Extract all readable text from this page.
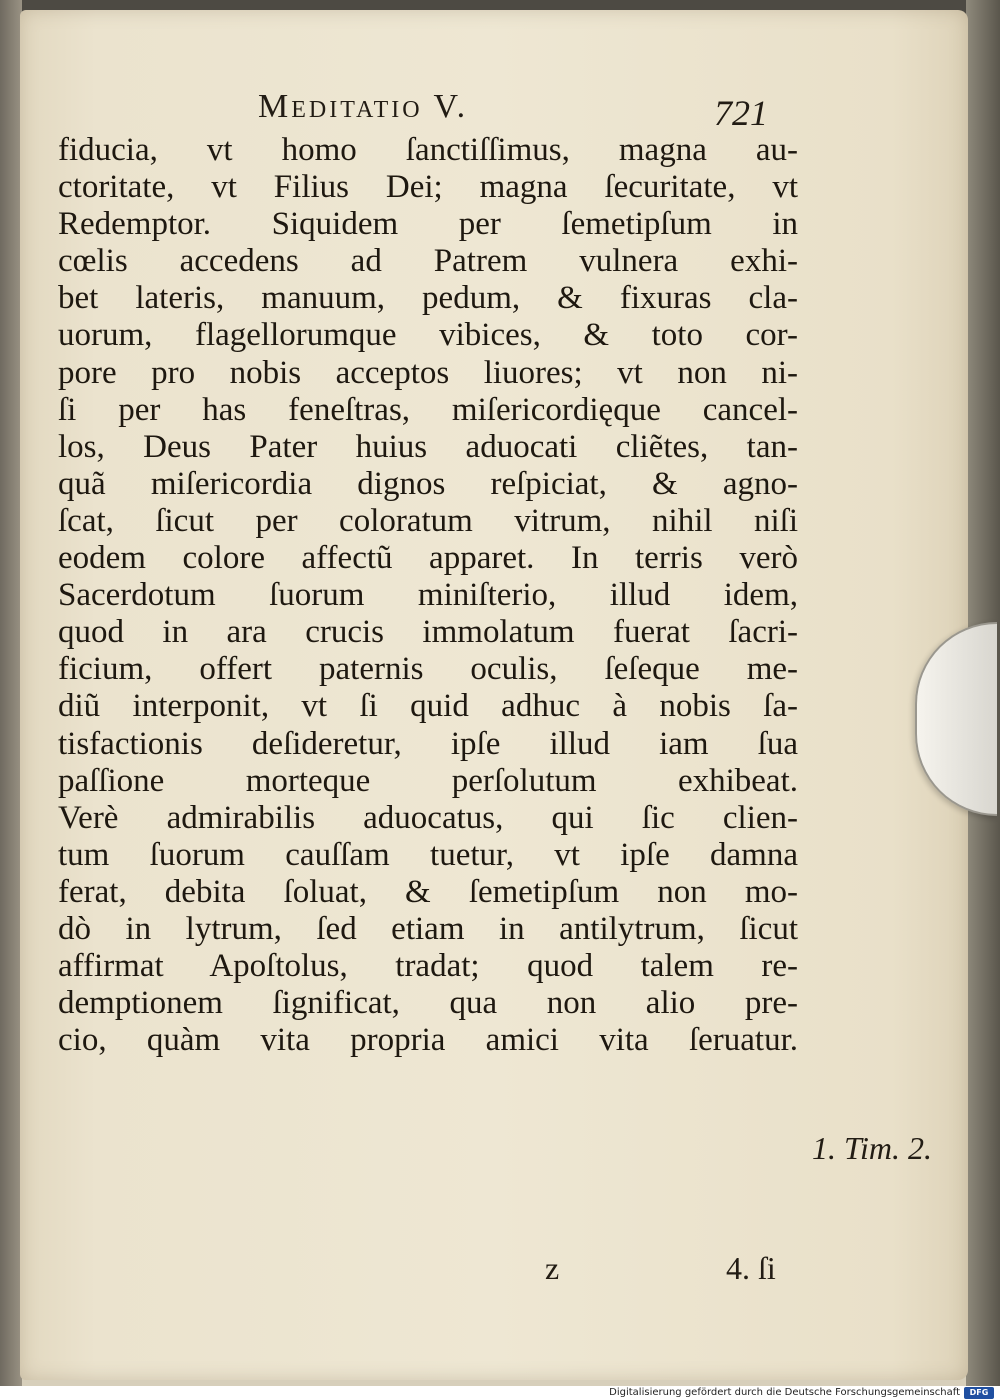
Meditatio V.	721
fiducia, vt homo ſanctiſſimus, magna au-
ctoritate, vt Filius Dei; magna ſecuritate, vt
Redemptor. Siquidem per ſemetipſum in
cœlis accedens ad Patrem vulnera exhi-
bet lateris, manuum, pedum, & fixuras cla-
uorum, flagellorumque vibices, & toto cor-
pore pro nobis acceptos liuores; vt non ni-
ſi per has feneſtras, miſericordięque cancel-
los, Deus Pater huius aduocati cliẽtes, tan-
quã miſericordia dignos reſpiciat, & agno-
ſcat, ſicut per coloratum vitrum, nihil niſi
eodem colore affectũ apparet. In terris verò
Sacerdotum ſuorum miniſterio, illud idem,
quod in ara crucis immolatum fuerat ſacri-
ficium, offert paternis oculis, ſeſeque me-
diũ interponit, vt ſi quid adhuc à nobis ſa-
tisfactionis deſideretur, ipſe illud iam ſua
paſſione morteque perſolutum exhibeat.
Verè admirabilis aduocatus, qui ſic clien-
tum ſuorum cauſſam tuetur, vt ipſe damna
ferat, debita ſoluat, & ſemetipſum non mo-
dò in lytrum, ſed etiam in antilytrum, ſicut
affirmat Apoſtolus, tradat; quod talem re-
demptionem ſignificat, qua non alio pre-
cio, quàm vita propria amici vita ſeruatur.
1. Tim. 2.
z	4. ſi
Digitalisierung gefördert durch die Deutsche Forschungsgemeinschaft	DFG
